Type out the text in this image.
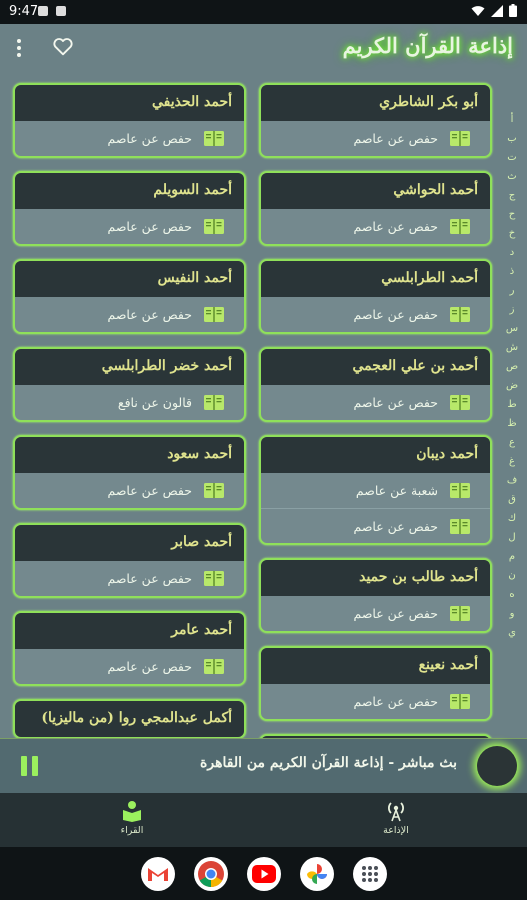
9:47
إذاعة القرآن الكريم
أبو بكر الشاطري
حفص عن عاصم
أحمد الحواشي
حفص عن عاصم
أحمد الطرابلسي
حفص عن عاصم
أحمد بن علي العجمي
حفص عن عاصم
أحمد ديبان
شعبة عن عاصم
حفص عن عاصم
أحمد طالب بن حميد
حفص عن عاصم
أحمد نعينع
حفص عن عاصم
أحمد الحذيفي
حفص عن عاصم
أحمد السويلم
حفص عن عاصم
أحمد النفيس
حفص عن عاصم
أحمد خضر الطرابلسي
قالون عن نافع
أحمد سعود
حفص عن عاصم
أحمد صابر
حفص عن عاصم
أحمد عامر
حفص عن عاصم
أكمل عبدالمجي روا (من ماليزيا)
أ
ب
ت
ث
ج
ح
خ
د
ذ
ر
ز
س
ش
ص
ض
ط
ظ
ع
غ
ف
ق
ك
ل
م
ن
ه
و
ي
بث مباشر - إذاعة القرآن الكريم من القاهرة
القراء	الإذاعة
